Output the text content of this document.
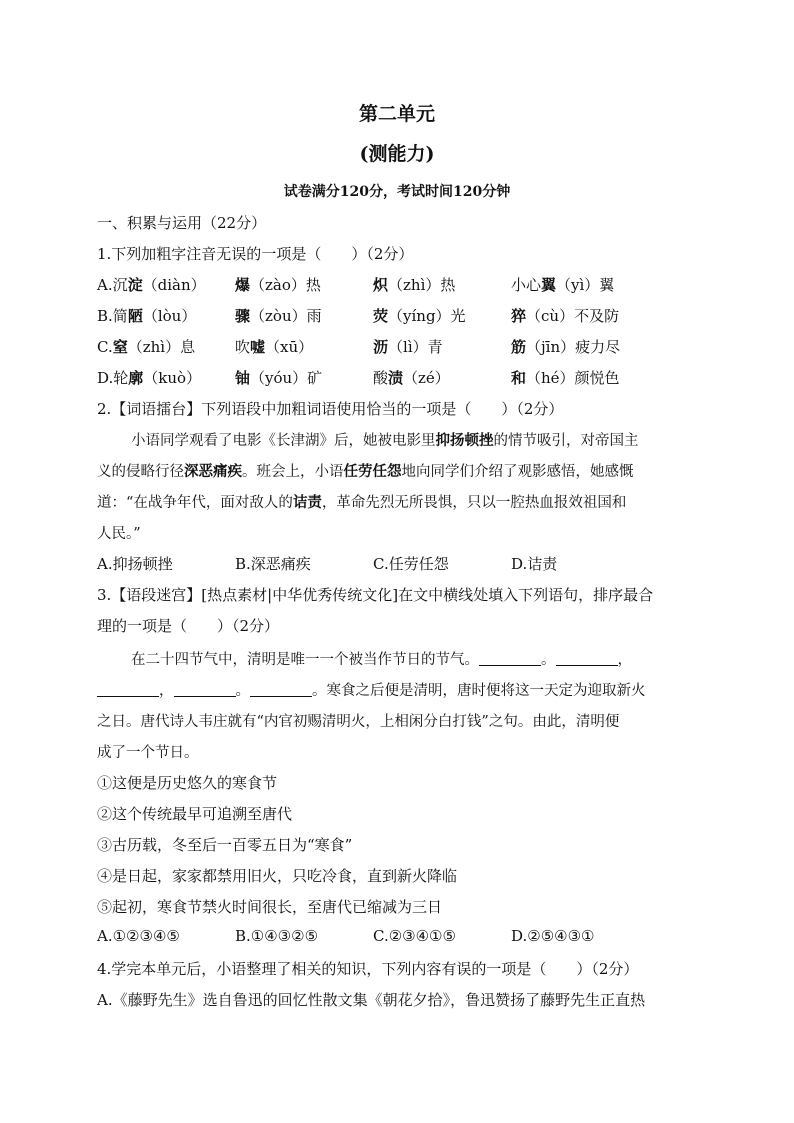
第二单元
(测能力)
试卷满分120分，考试时间120分钟
一、积累与运用（22分）
1.下列加粗字注音无误的一项是（　　）（2分）
A.沉淀（diàn） 爆（zào）热	炽（zhì）热	小心翼（yì）翼
B.简陋（lòu）	骤（zòu）雨	荧（yíng）光	猝（cù）不及防
C.窒（zhì）息	吹嘘（xū）	沥（lì）青	筋（jīn）疲力尽
D.轮廓（kuò） 铀（yóu）矿	酸渍（zé）	和（hé）颜悦色
2.【词语擂台】下列语段中加粗词语使用恰当的一项是（　　）（2分）
小语同学观看了电影《长津湖》后，她被电影里抑扬顿挫的情节吸引，对帝国主
义的侵略行径深恶痛疾。班会上，小语任劳任怨地向同学们介绍了观影感悟，她感慨
道：“在战争年代，面对敌人的诘责，革命先烈无所畏惧，只以一腔热血报效祖国和
人民。”
A.抑扬顿挫	B.深恶痛疾	C.任劳任怨	D.诘责
3.【语段迷宫】[热点素材|中华优秀传统文化]在文中横线处填入下列语句，排序最合
理的一项是（　　）（2分）
在二十四节气中，清明是唯一一个被当作节日的节气。	。	，
，	。	。寒食之后便是清明，唐时便将这一天定为迎取新火
之日。唐代诗人韦庄就有“内官初赐清明火，上相闲分白打钱”之句。由此，清明便
成了一个节日。
①这便是历史悠久的寒食节
②这个传统最早可追溯至唐代
③古历载，冬至后一百零五日为“寒食”
④是日起，家家都禁用旧火，只吃冷食，直到新火降临
⑤起初，寒食节禁火时间很长，至唐代已缩减为三日
A.①②③④⑤	B.①④③②⑤	C.②③④①⑤	D.②⑤④③①
4.学完本单元后，小语整理了相关的知识，下列内容有误的一项是（　　）（2分）
A.《藤野先生》选自鲁迅的回忆性散文集《朝花夕拾》，鲁迅赞扬了藤野先生正直热
